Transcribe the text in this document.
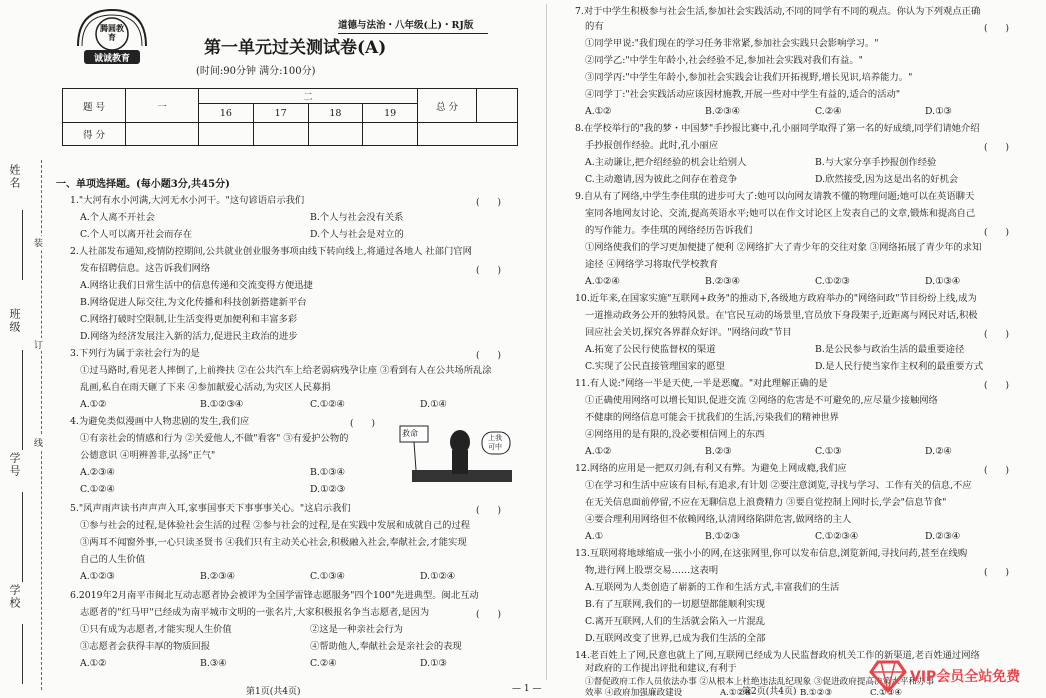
姓名
班级
学号
学校
装
订
线
腾圆教育
诚诚教育
道德与法治・八年级(上)・RJ版
第一单元过关测试卷(A)
(时间:90分钟 满分:100分)
题 号	一	二				总 分	
		16	17	18	19		
得 分							
一、单项选择题。(每小题3分,共45分)
救命	上我
可中
1."大河有水小河满,大河无水小河干。"这句谚语启示我们
A.个人离不开社会	B.个人与社会没有关系
C.个人可以离开社会而存在	D.个人与社会是对立的
2.人社部发布通知,疫情防控期间,公共就业创业服务事项由线下转向线上,将通过各地人 社部门官网
发布招聘信息。这告诉我们网络
A.网络让我们日常生活中的信息传递和交流变得方便迅捷
B.网络促进人际交往,为文化传播和科技创新搭建新平台
C.网络打破时空限制,让生活变得更加便利和丰富多彩
D.网络为经济发展注入新的活力,促进民主政治的进步
3.下列行为属于亲社会行为的是
①过马路时,看见老人摔倒了,上前搀扶 ②在公共汽车上给老弱病残孕让座 ③看到有人在公共场所乱涂
乱画,私自在雨天砸了下来 ④参加献爱心活动,为灾区人民募捐
A.①②	B.①②③④	C.①②④	D.①④
4.为避免类似漫画中人物悲剧的发生,我们应
①有亲社会的情感和行为 ②关爱他人,不做"看客" ③有爱护公物的
公德意识 ④明辨善非,弘扬"正气"
A.②③④	B.①③④
C.①②④	D.①②③
5."风声雨声读书声声声入耳,家事国事天下事事事关心。"这启示我们
①参与社会的过程,是体验社会生活的过程 ②参与社会的过程,是在实践中发展和成就自己的过程
③两耳不闻窗外事,一心只读圣贤书 ④我们只有主动关心社会,积极融入社会,奉献社会,才能实现
自己的人生价值
A.①②③	B.②③④	C.①③④	D.①②④
6.2019年2月南平市闽北互动志愿者协会被评为全国学雷锋志愿服务"四个100"先进典型。闽北互动
志愿者的"红马甲"已经成为南平城市文明的一张名片,大家积极报名争当志愿者,是因为
①只有成为志愿者,才能实现人生价值	②这是一种亲社会行为
③志愿者会获得丰厚的物质回报	④帮助他人,奉献社会是亲社会的表现
A.①②	B.③④	C.②④	D.①③
(　　)
(　　)
(　　)
(　　)
(　　)
(　　)
7.对于中学生积极参与社会生活,参加社会实践活动,不同的同学有不同的观点。你认为下列观点正确
的有
①同学甲说:"我们现在的学习任务非常紧,参加社会实践只会影响学习。"
②同学乙:"中学生年龄小,社会经验不足,参加社会实践对我们有益。"
③同学丙:"中学生年龄小,参加社会实践会让我们开拓视野,增长见识,培养能力。"
④同学丁:"社会实践活动应该因材施教,开展一些对中学生有益的,适合的活动"
A.①②	B.②③④	C.②④	D.①③
8.在学校举行的"我的梦・中国梦"手抄报比赛中,孔小丽同学取得了第一名的好成绩,同学们请她介绍
手抄报创作经验。此时,孔小丽应
A.主动谦让,把介绍经验的机会让给别人	B.与大家分享手抄报创作经验
C.主动邀请,因为彼此之间存在着竞争	D.欣然接受,因为这是出名的好机会
9.自从有了网络,中学生李佳琪的进步可大了:她可以向网友请教不懂的物理问题;她可以在英语聊天
室同各地网友讨论、交流,提高英语水平;她可以在作文讨论区上发表自己的文章,锻炼和提高自己
的写作能力。李佳琪的网络经历告诉我们
①网络使我们的学习更加便捷了便利 ②网络扩大了青少年的交往对象 ③网络拓展了青少年的求知
途径 ④网络学习将取代学校教育
A.①②④	B.②③④	C.①②③	D.①③④
10.近年来,在国家实施"互联网+政务"的推动下,各级地方政府举办的"网络问政"节目纷纷上线,成为
一道推动政务公开的独特风景。在'官民互动的场景里,官员放下身段架子,近距离与网民对话,积极
回应社会关切,探究各界群众好评。"网络问政"节目
A.拓宽了公民行使监督权的渠道	B.是公民参与政治生活的最重要途径
C.实现了公民直接管理国家的愿望	D.是人民行使当家作主权利的最重要方式
11.有人说:"网络一半是天使,一半是恶魔。"对此理解正确的是
①正确使用网络可以增长知识,促进交流 ②网络的危害是不可避免的,应尽量少接触网络
不健康的网络信息可能会干扰我们的生活,污染我们的精神世界
④网络用的是有限的,没必要相信网上的东西
A.①②	B.②③	C.①③	D.②④
12.网络的应用是一把双刃剑,有利又有弊。为避免上网成瘾,我们应
①在学习和生活中应该有目标,有追求,有计划 ②要注意浏览,寻找与学习、工作有关的信息,不应
在无关信息面前停留,不应在无聊信息上浪费精力 ③要自觉控制上网时长,学会"信息节食"
④要合理利用网络但不依赖网络,认清网络陷阱危害,做网络的主人
A.①	B.①②③	C.①②③④	D.②③④
13.互联网将地球缩成一张小小的网,在这张网里,你可以发布信息,浏览新闻,寻找问药,甚至在线购
物,进行网上股票交易……这表明
A.互联网为人类创造了崭新的工作和生活方式,丰富我们的生活
B.有了互联网,我们的一切愿望都能顺利实现
C.离开互联网,人们的生活就会陷入一片混乱
D.互联网改变了世界,已成为我们生活的全部
14.老百姓上了网,民意也就上了网,互联网已经成为人民监督政府机关工作的新渠道,老百姓通过网络
对政府的工作提出评批和建议,有利于
①督促政府工作人员依法办事 ②从根本上杜绝违法乱纪现象 ③促进政府提高决策水平和办事
效率 ④政府加强廉政建设	A.①②④	B.①②③	C.①③④
(　　)
(　　)
(　　)
(　　)
(　　)
(　　)
(　　)
第1页(共4页)	— 1 —	第2页(共4页)
VIP会员全站免费
